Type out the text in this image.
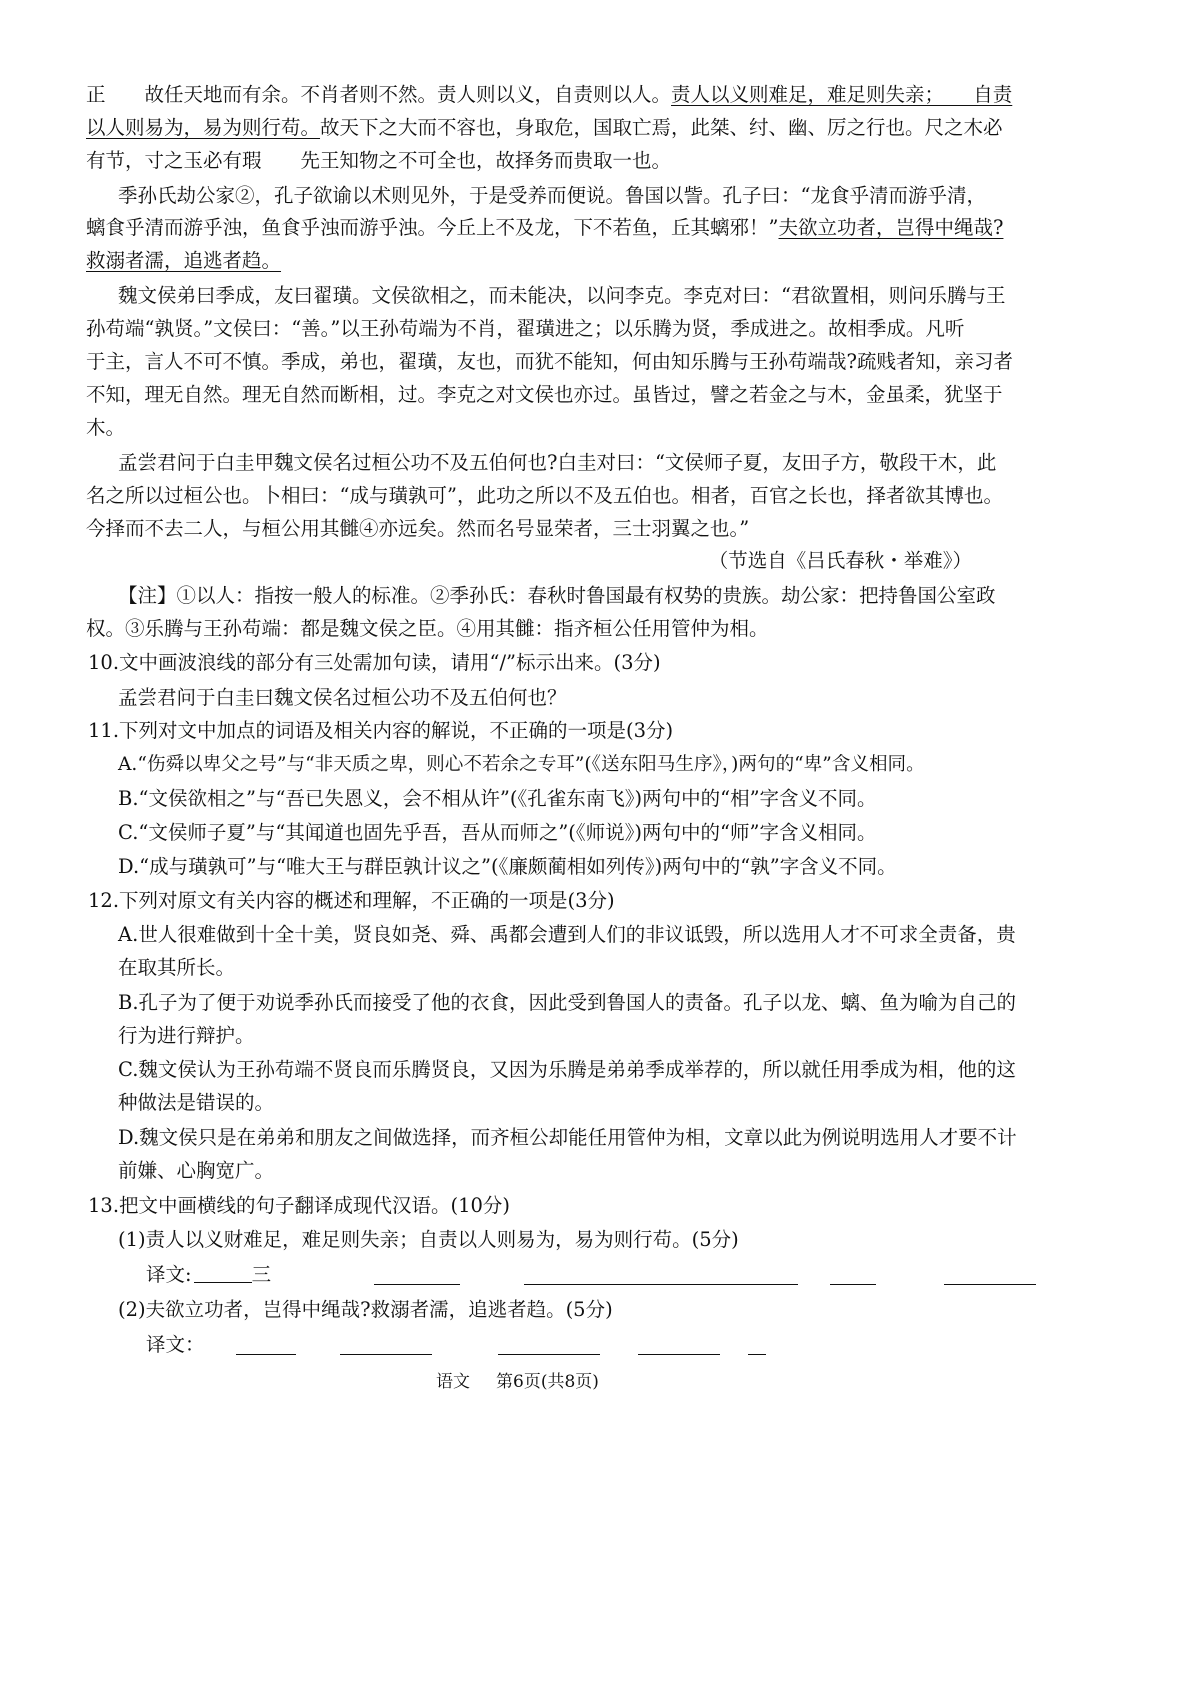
正　　故任天地而有余。不肖者则不然。责人则以义，自责则以人。责人以义则难足，难足则失亲；　　自责
以人则易为，易为则行苟。故天下之大而不容也，身取危，国取亡焉，此桀、纣、幽、厉之行也。尺之木必
有节，寸之玉必有瑕　　先王知物之不可全也，故择务而贵取一也。
季孙氏劫公家②，孔子欲谕以术则见外，于是受养而便说。鲁国以訾。孔子曰：“龙食乎清而游乎清，
螭食乎清而游乎浊，鱼食乎浊而游乎浊。今丘上不及龙，下不若鱼，丘其螭邪！”夫欲立功者，岂得中绳哉?
救溺者濡，追逃者趋。
魏文侯弟曰季成，友曰翟璜。文侯欲相之，而未能决，以问李克。李克对曰：“君欲置相，则问乐腾与王
孙苟端“孰贤。”文侯曰：“善。”以王孙苟端为不肖，翟璜进之；以乐腾为贤，季成进之。故相季成。凡听
于主，言人不可不慎。季成，弟也，翟璜，友也，而犹不能知，何由知乐腾与王孙苟端哉?疏贱者知，亲习者
不知，理无自然。理无自然而断相，过。李克之对文侯也亦过。虽皆过，譬之若金之与木，金虽柔，犹坚于
木。
孟尝君问于白圭甲魏文侯名过桓公功不及五伯何也?白圭对曰：“文侯师子夏，友田子方，敬段干木，此
名之所以过桓公也。卜相曰：“成与璜孰可”，此功之所以不及五伯也。相者，百官之长也，择者欲其博也。
今择而不去二人，与桓公用其雠④亦远矣。然而名号显荣者，三士羽翼之也。”
（节选自《吕氏春秋・举难》）
【注】①以人：指按一般人的标准。②季孙氏：春秋时鲁国最有权势的贵族。劫公家：把持鲁国公室政
权。③乐腾与王孙苟端：都是魏文侯之臣。④用其雠：指齐桓公任用管仲为相。
10.文中画波浪线的部分有三处需加句读，请用“/”标示出来。(3分)
孟尝君问于白圭曰魏文侯名过桓公功不及五伯何也？
11.下列对文中加点的词语及相关内容的解说，不正确的一项是(3分)
A.“伤舜以卑父之号”与“非天质之卑，则心不若余之专耳”(《送东阳马生序》，)两句的“卑”含义相同。
B.“文侯欲相之”与“吾已失恩义，会不相从许”(《孔雀东南飞》)两句中的“相”字含义不同。
C.“文侯师子夏”与“其闻道也固先乎吾，吾从而师之”(《师说》)两句中的“师”字含义相同。
D.“成与璜孰可”与“唯大王与群臣孰计议之”(《廉颇蔺相如列传》)两句中的“孰”字含义不同。
12.下列对原文有关内容的概述和理解，不正确的一项是(3分)
A.世人很难做到十全十美，贤良如尧、舜、禹都会遭到人们的非议诋毁，所以选用人才不可求全责备，贵
在取其所长。
B.孔子为了便于劝说季孙氏而接受了他的衣食，因此受到鲁国人的责备。孔子以龙、螭、鱼为喻为自己的
行为进行辩护。
C.魏文侯认为王孙苟端不贤良而乐腾贤良，又因为乐腾是弟弟季成举荐的，所以就任用季成为相，他的这
种做法是错误的。
D.魏文侯只是在弟弟和朋友之间做选择，而齐桓公却能任用管仲为相，文章以此为例说明选用人才要不计
前嫌、心胸宽广。
13.把文中画横线的句子翻译成现代汉语。(10分)
(1)责人以义财难足，难足则失亲；自责以人则易为，易为则行苟。(5分)
译文:	三
(2)夫欲立功者，岂得中绳哉?救溺者濡，追逃者趋。(5分)
译文：
语文 第6页(共8页)
